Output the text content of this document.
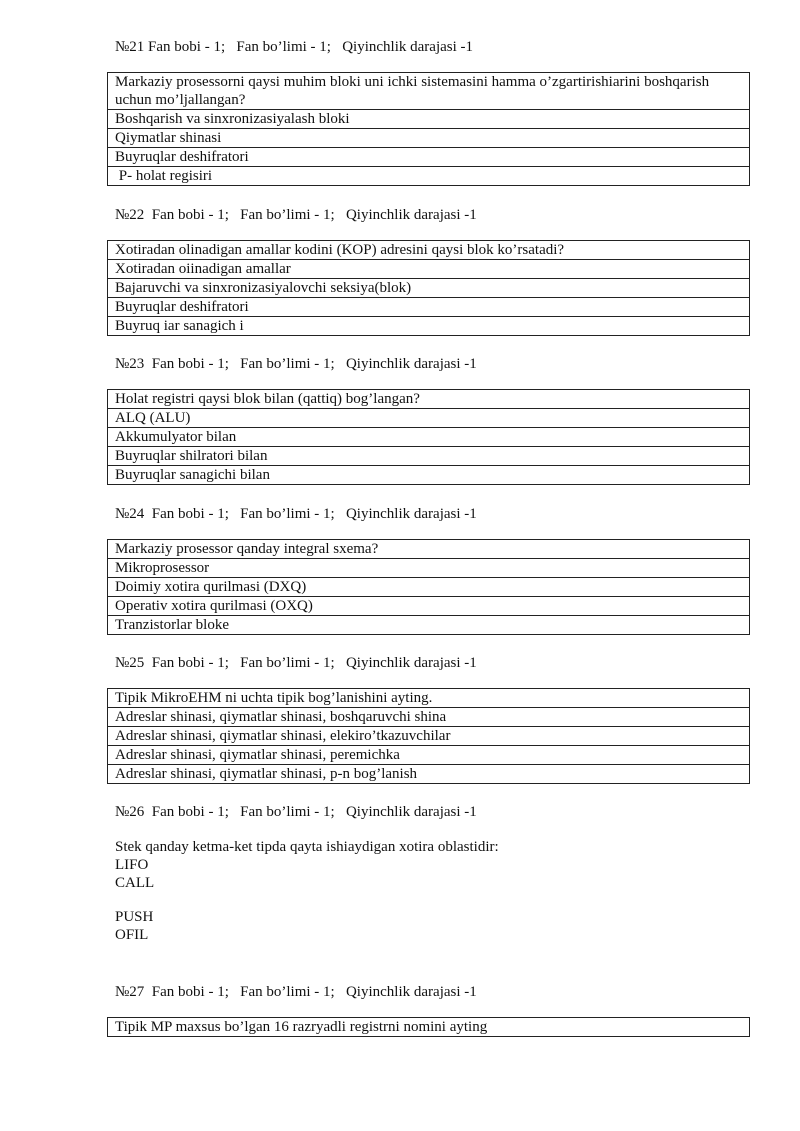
№21 Fan bobi - 1;   Fan bo’limi - 1;   Qiyinchlik darajasi -1
Markaziy prosessorni qaysi muhim bloki uni ichki sistemasini hamma o’zgartirishiarini boshqarish uchun mo’ljallangan?
Boshqarish va sinxronizasiyalash bloki
Qiymatlar shinasi
Buyruqlar deshifratori
P- holat regisiri
№22  Fan bobi - 1;   Fan bo’limi - 1;   Qiyinchlik darajasi -1
Xotiradan olinadigan amallar kodini (KOP) adresini qaysi blok ko’rsatadi?
Xotiradan oiinadigan amallar
Bajaruvchi va sinxronizasiyalovchi seksiya(blok)
Buyruqlar deshifratori
Buyruq iar sanagich i
№23  Fan bobi - 1;   Fan bo’limi - 1;   Qiyinchlik darajasi -1
Holat registri qaysi blok bilan (qattiq) bog’langan?
ALQ (ALU)
Akkumulyator bilan
Buyruqlar shilratori bilan
Buyruqlar sanagichi bilan
№24  Fan bobi - 1;   Fan bo’limi - 1;   Qiyinchlik darajasi -1
Markaziy prosessor qanday integral sxema?
Mikroprosessor
Doimiy xotira qurilmasi (DXQ)
Operativ xotira qurilmasi (OXQ)
Tranzistorlar bloke
№25  Fan bobi - 1;   Fan bo’limi - 1;   Qiyinchlik darajasi -1
Tipik MikroEHM ni uchta tipik bog’lanishini ayting.
Adreslar shinasi, qiymatlar shinasi, boshqaruvchi shina
Adreslar shinasi, qiymatlar shinasi, elekiro’tkazuvchilar
Adreslar shinasi, qiymatlar shinasi, peremichka
Adreslar shinasi, qiymatlar shinasi, p-n bog’lanish
№26  Fan bobi - 1;   Fan bo’limi - 1;   Qiyinchlik darajasi -1
Stek qanday ketma-ket tipda qayta ishiaydigan xotira oblastidir:
LIFO
CALL
PUSH
OFIL
№27  Fan bobi - 1;   Fan bo’limi - 1;   Qiyinchlik darajasi -1
Tipik MP maxsus bo’lgan 16 razryadli registrni nomini ayting
